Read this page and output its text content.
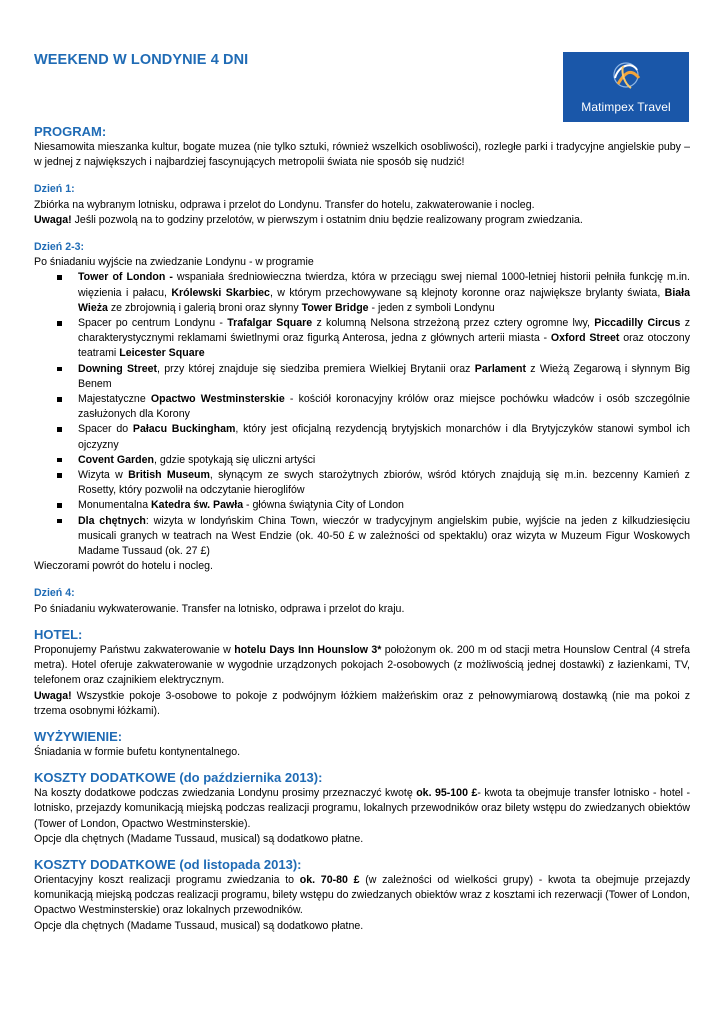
WEEKEND W LONDYNIE 4 DNI
Matimpex Travel
PROGRAM:

Niesamowita mieszanka kultur, bogate muzea (nie tylko sztuki, również wszelkich osobliwości), rozległe parki i tradycyjne angielskie puby – w jednej z największych i najbardziej fascynujących metropolii świata nie sposób się nudzić!

Dzień 1:

Zbiórka na wybranym lotnisku, odprawa i przelot do Londynu. Transfer do hotelu, zakwaterowanie i nocleg.

Uwaga! Jeśli pozwolą na to godziny przelotów, w pierwszym i ostatnim dniu będzie realizowany program zwiedzania.

Dzień 2-3:

Po śniadaniu wyjście na zwiedzanie Londynu - w programie

Tower of London - wspaniała średniowieczna twierdza, która w przeciągu swej niemal 1000-letniej historii pełniła funkcję m.in. więzienia i pałacu, Królewski Skarbiec, w którym przechowywane są klejnoty koronne oraz największe brylanty świata, Biała Wieża ze zbrojownią i galerią broni oraz słynny Tower Bridge - jeden z symboli Londynu
Spacer po centrum Londynu - Trafalgar Square z kolumną Nelsona strzeżoną przez cztery ogromne lwy, Piccadilly Circus z charakterystycznymi reklamami świetlnymi oraz figurką Anterosa, jedna z głównych arterii miasta - Oxford Street oraz otoczony teatrami Leicester Square
Downing Street, przy której znajduje się siedziba premiera Wielkiej Brytanii oraz Parlament z Wieżą Zegarową i słynnym Big Benem
Majestatyczne Opactwo Westminsterskie - kościół koronacyjny królów oraz miejsce pochówku władców i osób szczególnie zasłużonych dla Korony
Spacer do Pałacu Buckingham, który jest oficjalną rezydencją brytyjskich monarchów i dla Brytyjczyków stanowi symbol ich ojczyzny
Covent Garden, gdzie spotykają się uliczni artyści
Wizyta w British Museum, słynącym ze swych starożytnych zbiorów, wśród których znajdują się m.in. bezcenny Kamień z Rosetty, który pozwolił na odczytanie hieroglifów
Monumentalna Katedra św. Pawła - główna świątynia City of London
Dla chętnych: wizyta w londyńskim China Town, wieczór w tradycyjnym angielskim pubie, wyjście na jeden z kilkudziesięciu musicali granych w teatrach na West Endzie (ok. 40-50 £ w zależności od spektaklu) oraz wizyta w Muzeum Figur Woskowych Madame Tussaud (ok. 27 £)

Wieczorami powrót do hotelu i nocleg.

Dzień 4:

Po śniadaniu wykwaterowanie. Transfer na lotnisko, odprawa i przelot do kraju.

HOTEL:

Proponujemy Państwu zakwaterowanie w hotelu Days Inn Hounslow 3* położonym ok. 200 m od stacji metra Hounslow Central (4 strefa metra). Hotel oferuje zakwaterowanie w wygodnie urządzonych pokojach 2-osobowych (z możliwością jednej dostawki) z łazienkami, TV, telefonem oraz czajnikiem elektrycznym.

Uwaga! Wszystkie pokoje 3-osobowe to pokoje z podwójnym łóżkiem małżeńskim oraz z pełnowymiarową dostawką (nie ma pokoi z trzema osobnymi łóżkami).

WYŻYWIENIE:

Śniadania w formie bufetu kontynentalnego.

KOSZTY DODATKOWE (do października 2013):

Na koszty dodatkowe podczas zwiedzania Londynu prosimy przeznaczyć kwotę ok. 95-100 £- kwota ta obejmuje transfer lotnisko - hotel - lotnisko, przejazdy komunikacją miejską podczas realizacji programu, lokalnych przewodników oraz bilety wstępu do zwiedzanych obiektów (Tower of London, Opactwo Westminsterskie).

Opcje dla chętnych (Madame Tussaud, musical) są dodatkowo płatne.

KOSZTY DODATKOWE (od listopada 2013):

Orientacyjny koszt realizacji programu zwiedzania to ok. 70-80 £ (w zależności od wielkości grupy) - kwota ta obejmuje przejazdy komunikacją miejską podczas realizacji programu, bilety wstępu do zwiedzanych obiektów wraz z kosztami ich rezerwacji (Tower of London, Opactwo Westminsterskie) oraz lokalnych przewodników.

Opcje dla chętnych (Madame Tussaud, musical) są dodatkowo płatne.
